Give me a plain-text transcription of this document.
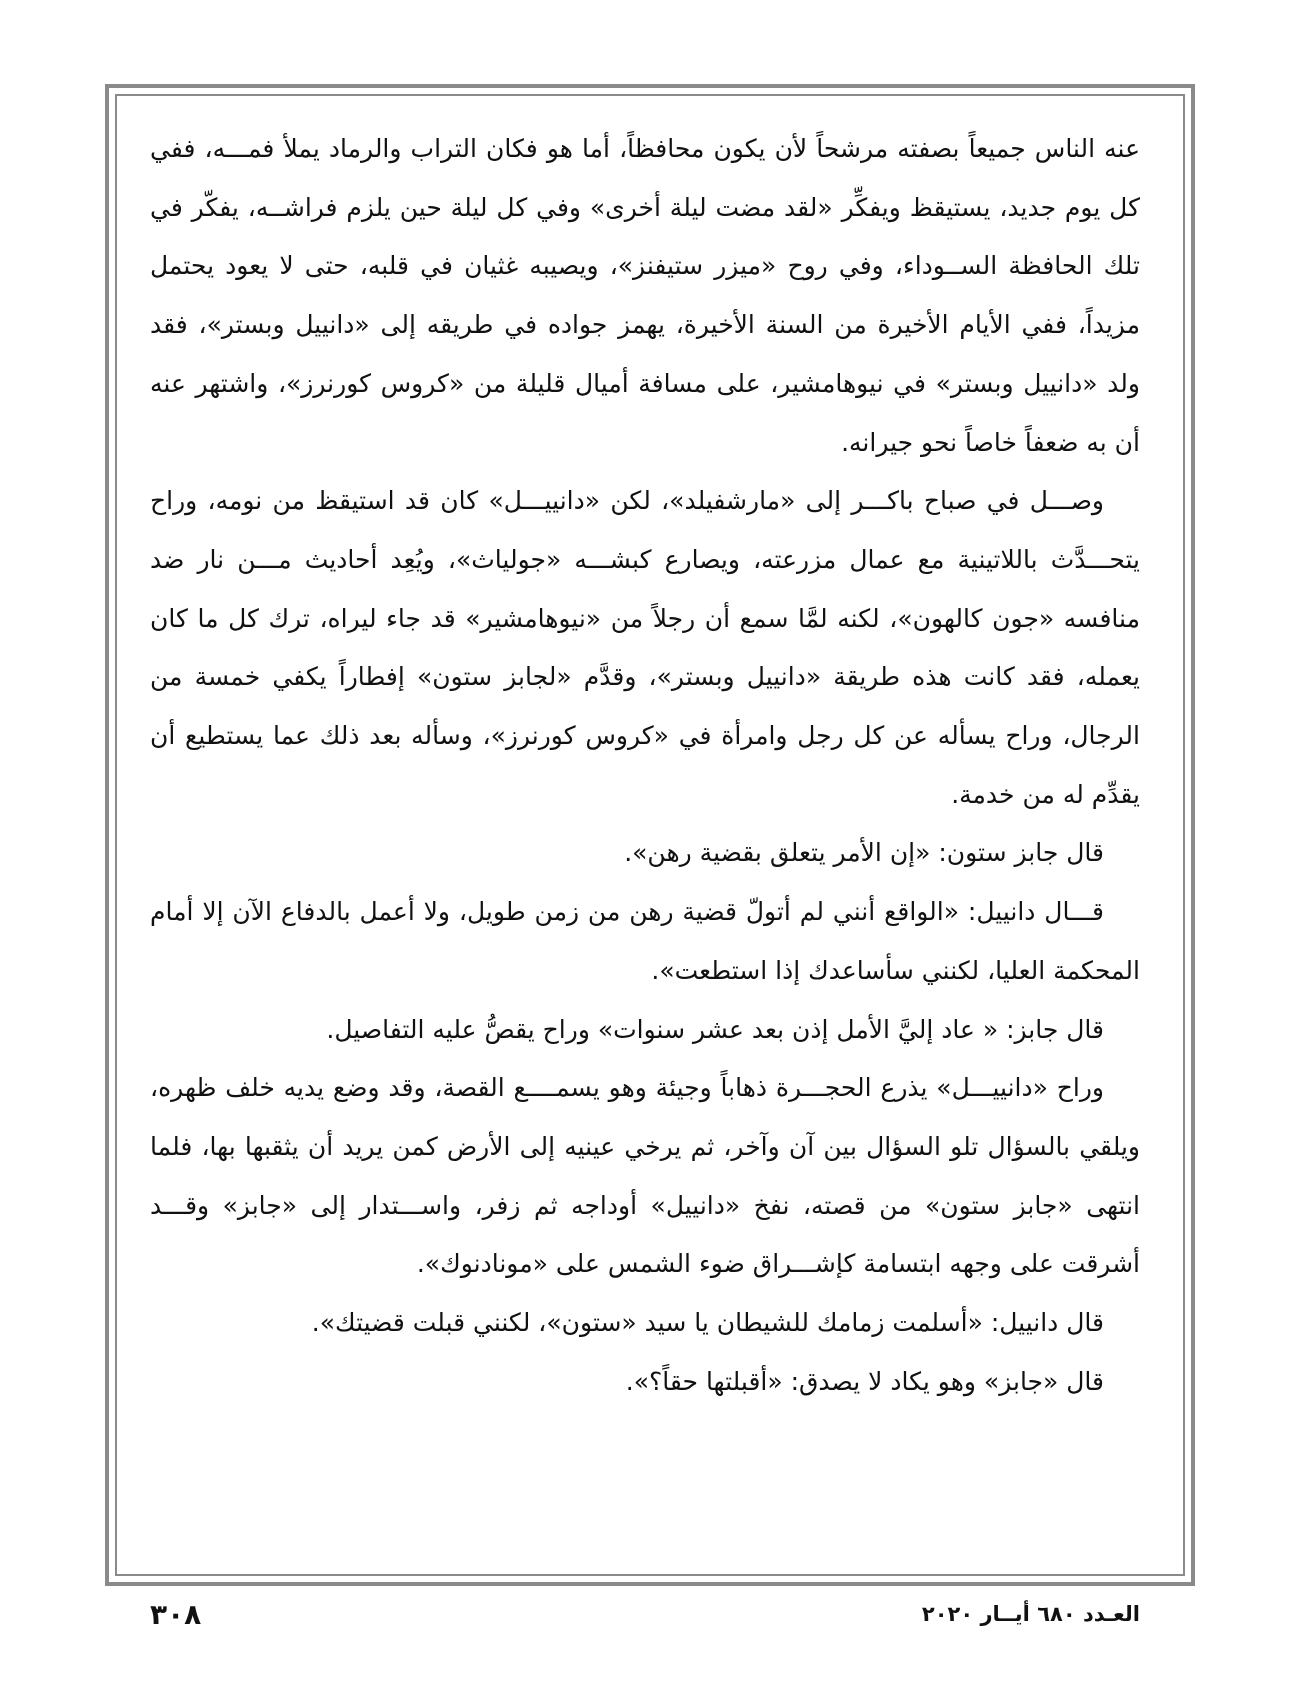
عنه الناس جميعاً بصفته مرشحاً لأن يكون محافظاً، أما هو فكان التراب والرماد يملأ فمـــه، ففي كل يوم جديد، يستيقظ ويفكِّر «لقد مضت ليلة أخرى» وفي كل ليلة حين يلزم فراشــه، يفكّر في تلك الحافظة الســوداء، وفي روح «ميزر ستيفنز»، ويصيبه غثيان في قلبه، حتى لا يعود يحتمل مزيداً، ففي الأيام الأخيرة من السنة الأخيرة، يهمز جواده في طريقه إلى «دانييل وبستر»، فقد ولد «دانييل وبستر» في نيوهامشير، على مسافة أميال قليلة من «كروس كورنرز»، واشتهر عنه أن به ضعفاً خاصاً نحو جيرانه.

وصـــل في صباح باكـــر إلى «مارشفيلد»، لكن «دانييـــل» كان قد استيقظ من نومه، وراح يتحـــدَّث باللاتينية مع عمال مزرعته، ويصارع كبشـــه «جولياث»، ويُعِد أحاديث مـــن نار ضد منافسه «جون كالهون»، لكنه لمَّا سمع أن رجلاً من «نيوهامشير» قد جاء ليراه، ترك كل ما كان يعمله، فقد كانت هذه طريقة «دانييل وبستر»، وقدَّم «لجابز ستون» إفطاراً يكفي خمسة من الرجال، وراح يسأله عن كل رجل وامرأة في «كروس كورنرز»، وسأله بعد ذلك عما يستطيع أن يقدِّم له من خدمة.

قال جابز ستون: «إن الأمر يتعلق بقضية رهن».

قـــال دانييل: «الواقع أنني لم أتولّ قضية رهن من زمن طويل، ولا أعمل بالدفاع الآن إلا أمام المحكمة العليا، لكنني سأساعدك إذا استطعت».

قال جابز: « عاد إليَّ الأمل إذن بعد عشر سنوات» وراح يقصُّ عليه التفاصيل.

وراح «دانييـــل» يذرع الحجـــرة ذهاباً وجيئة وهو يسمــــع القصة، وقد وضع يديه خلف ظهره، ويلقي بالسؤال تلو السؤال بين آن وآخر، ثم يرخي عينيه إلى الأرض كمن يريد أن يثقبها بها، فلما انتهى «جابز ستون» من قصته، نفخ «دانييل» أوداجه ثم زفر، واســـتدار إلى «جابز» وقـــد أشرقت على وجهه ابتسامة كإشـــراق ضوء الشمس على «مونادنوك».

قال دانييل: «أسلمت زمامك للشيطان يا سيد «ستون»، لكنني قبلت قضيتك».

قال «جابز» وهو يكاد لا يصدق: «أقبلتها حقاً؟».

٣٠٨	العـدد ٦٨٠ أيــار ٢٠٢٠
